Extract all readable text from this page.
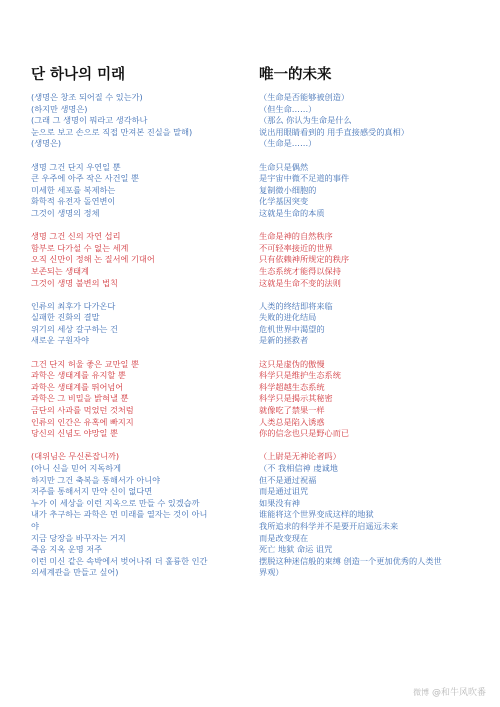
단 하나의 미래
(생명은 창조 되어질 수 있는가)
(하지만 생명은)
(그래 그 생명이 뭐라고 생각하나
눈으로 보고 손으로 직접 만져본 진실을 말해)
(생명은)
생명 그건 단지 우연일 뿐
큰 우주에 아주 작은 사건일 뿐
미세한 세포를 복제하는
화학적 유전자 돌연변이
그것이 생명의 정체
생명 그건 신의 자연 섭리
함부로 다가설 수 없는 세계
오직 신만이 정해 논 질서에 기대어
보존되는 생태계
그것이 생명 불변의 법칙
인류의 최후가 다가온다
실패한 진화의 결말
위기의 세상 갈구하는 건
새로운 구원자야
그건 단지 허울 좋은 교만일 뿐
과학은 생태계를 유지할 뿐
과학은 생태계를 뛰어넘어
과학은 그 비밀을 밝혀낼 뿐
금단의 사과를 먹었던 것처럼
인류의 인간은 유혹에 빠지지
당신의 신념도 야망일 뿐
(대위님은 무신론잡니까)
(아니 신을 믿어 지독하게
하지만 그건 축복을 통해서가 아니야
저주를 통해서지 만약 신이 없다면
누가 이 세상을 이런 지옥으로 만들 수 있겠습까
내가 추구하는 과학은 먼 미래를 열자는 것이 아니
야
지금 당장을 바꾸자는 거지
죽음 지옥 운명 저주
이런 미신 같은 속박에서 벗어나줘 더 훌륭한 인간
의세계관을 만들고 싶어)
唯一的未来
（生命是否能够被创造）
（但生命……）
（那么 你认为生命是什么
说出用眼睛看到的 用手直接感受的真相）
（生命是……）
生命只是偶然
是宇宙中微不足道的事件
复制微小细胞的
化学基因突变
这就是生命的本质
生命是神的自然秩序
不可轻率接近的世界
只有依赖神所规定的秩序
生态系统才能得以保持
这就是生命不变的法则
人类的终结即将来临
失败的进化结局
危机世界中渴望的
是新的拯救者
这只是虚伪的傲慢
科学只是维护生态系统
科学超越生态系统
科学只是揭示其秘密
就像吃了禁果一样
人类总是陷入诱惑
你的信念也只是野心而已
（上尉是无神论者吗）
（不 我相信神 虔诚地
但不是通过祝福
而是通过诅咒
如果没有神
谁能将这个世界变成这样的地狱
我所追求的科学并不是要开启遥远未来
而是改变现在
死亡 地狱 命运 诅咒
摆脱这种迷信般的束缚 创造一个更加优秀的人类世
界观）
微博 @和牛风吹番
